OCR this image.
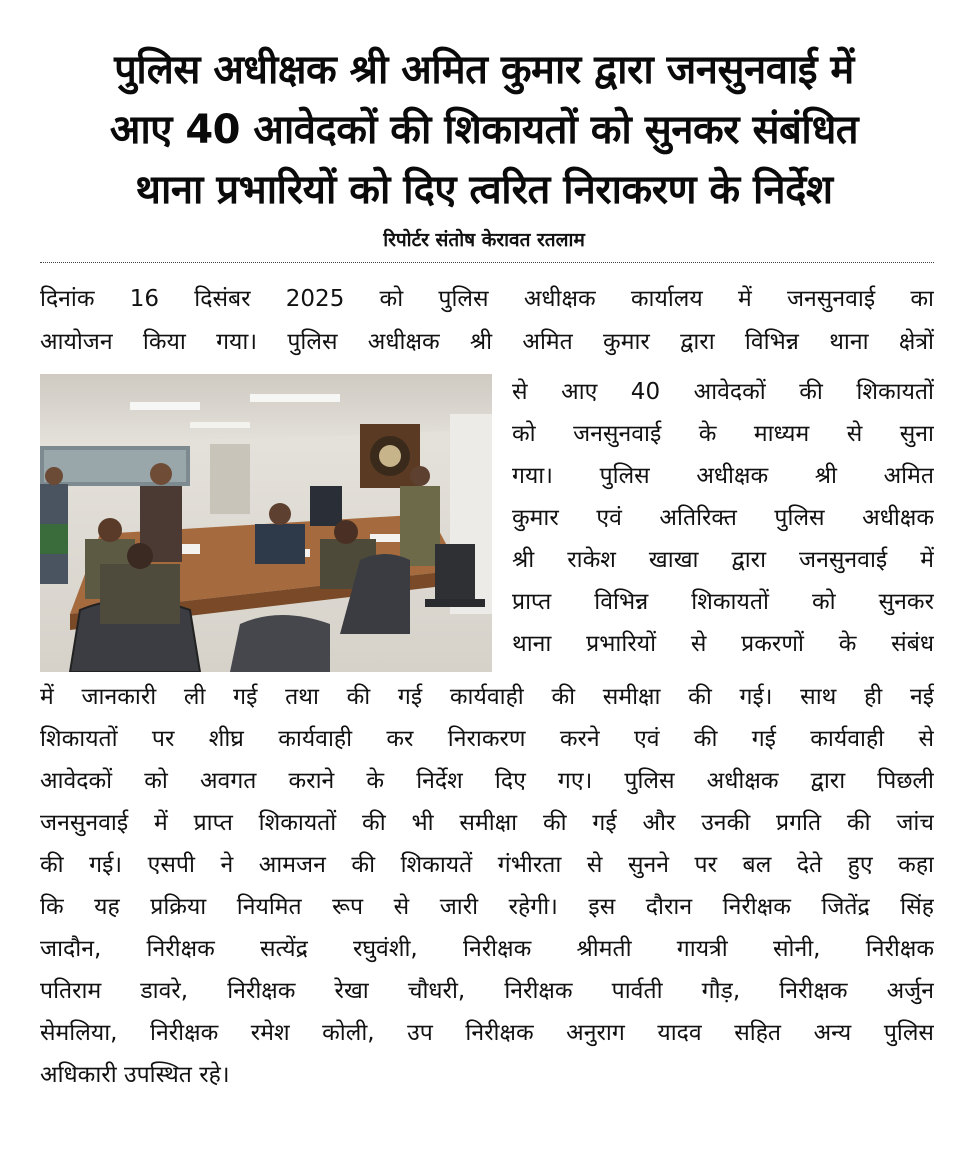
पुलिस अधीक्षक श्री अमित कुमार द्वारा जनसुनवाई में
आए 40 आवेदकों की शिकायतों को सुनकर संबंधित
थाना प्रभारियों को दिए त्वरित निराकरण के निर्देश
रिपोर्टर संतोष केरावत रतलाम
दिनांक 16 दिसंबर 2025 को पुलिस अधीक्षक कार्यालय में जनसुनवाई का
आयोजन किया गया। पुलिस अधीक्षक श्री अमित कुमार द्वारा विभिन्न थाना क्षेत्रों
से आए 40 आवेदकों की शिकायतों
को जनसुनवाई के माध्यम से सुना
गया। पुलिस अधीक्षक श्री अमित
कुमार एवं अतिरिक्त पुलिस अधीक्षक
श्री राकेश खाखा द्वारा जनसुनवाई में
प्राप्त विभिन्न शिकायतों को सुनकर
थाना प्रभारियों से प्रकरणों के संबंध
में जानकारी ली गई तथा की गई कार्यवाही की समीक्षा की गई। साथ ही नई
शिकायतों पर शीघ्र कार्यवाही कर निराकरण करने एवं की गई कार्यवाही से
आवेदकों को अवगत कराने के निर्देश दिए गए। पुलिस अधीक्षक द्वारा पिछली
जनसुनवाई में प्राप्त शिकायतों की भी समीक्षा की गई और उनकी प्रगति की जांच
की गई। एसपी ने आमजन की शिकायतें गंभीरता से सुनने पर बल देते हुए कहा
कि यह प्रक्रिया नियमित रूप से जारी रहेगी। इस दौरान निरीक्षक जितेंद्र सिंह
जादौन, निरीक्षक सत्येंद्र रघुवंशी, निरीक्षक श्रीमती गायत्री सोनी, निरीक्षक
पतिराम डावरे, निरीक्षक रेखा चौधरी, निरीक्षक पार्वती गौड़, निरीक्षक अर्जुन
सेमलिया, निरीक्षक रमेश कोली, उप निरीक्षक अनुराग यादव सहित अन्य पुलिस
अधिकारी उपस्थित रहे।
